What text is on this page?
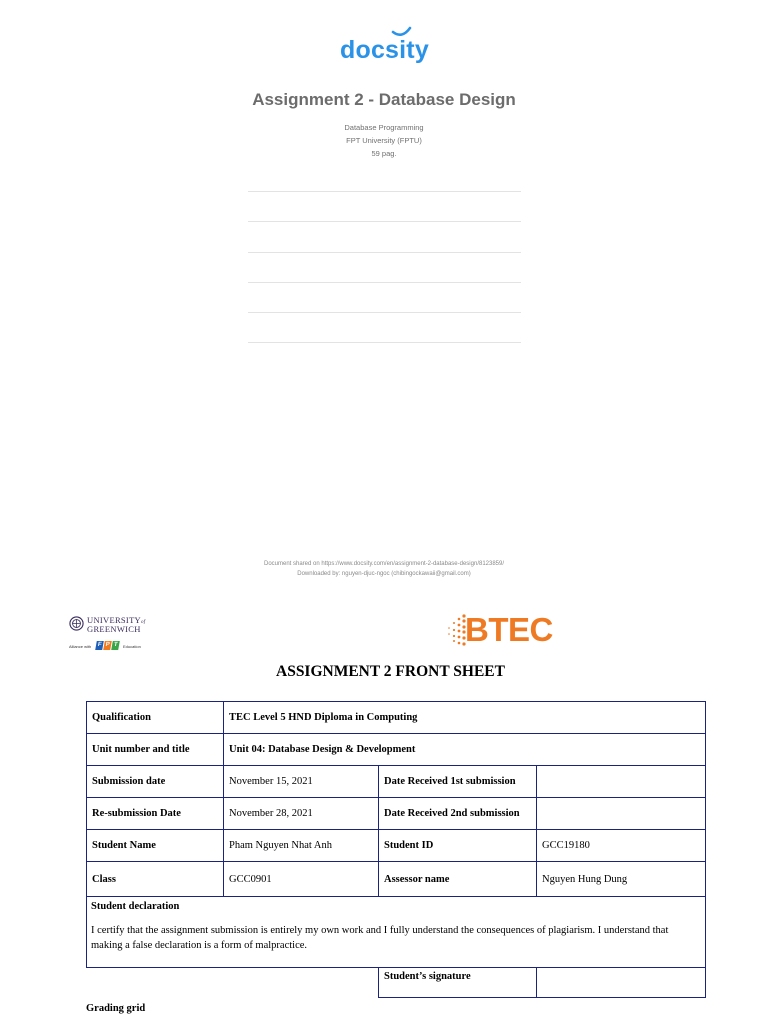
docsity
Assignment 2 - Database Design
Database Programming
FPT University (FPTU)
59 pag.
Document shared on https://www.docsity.com/en/assignment-2-database-design/8123859/
Downloaded by: nguyen-djuc-ngoc (chibingockawaii@gmail.com)
UNIVERSITYof
GREENWICH
Alliance with F P T	Education	BTEC
ASSIGNMENT 2 FRONT SHEET
Qualification	TEC Level 5 HND Diploma in Computing		
Unit number and title	Unit 04: Database Design & Development		
Submission date	November 15, 2021	Date Received 1st submission	
Re-submission Date	November 28, 2021	Date Received 2nd submission	
Student Name	Pham Nguyen Nhat Anh	Student ID	GCC19180
Class	GCC0901	Assessor name	Nguyen Hung Dung

Student declaration
I certify that the assignment submission is entirely my own work and I fully understand the consequences of plagiarism. I understand that making a false declaration is a form of malpractice.			

		Student’s signature	
Grading grid
